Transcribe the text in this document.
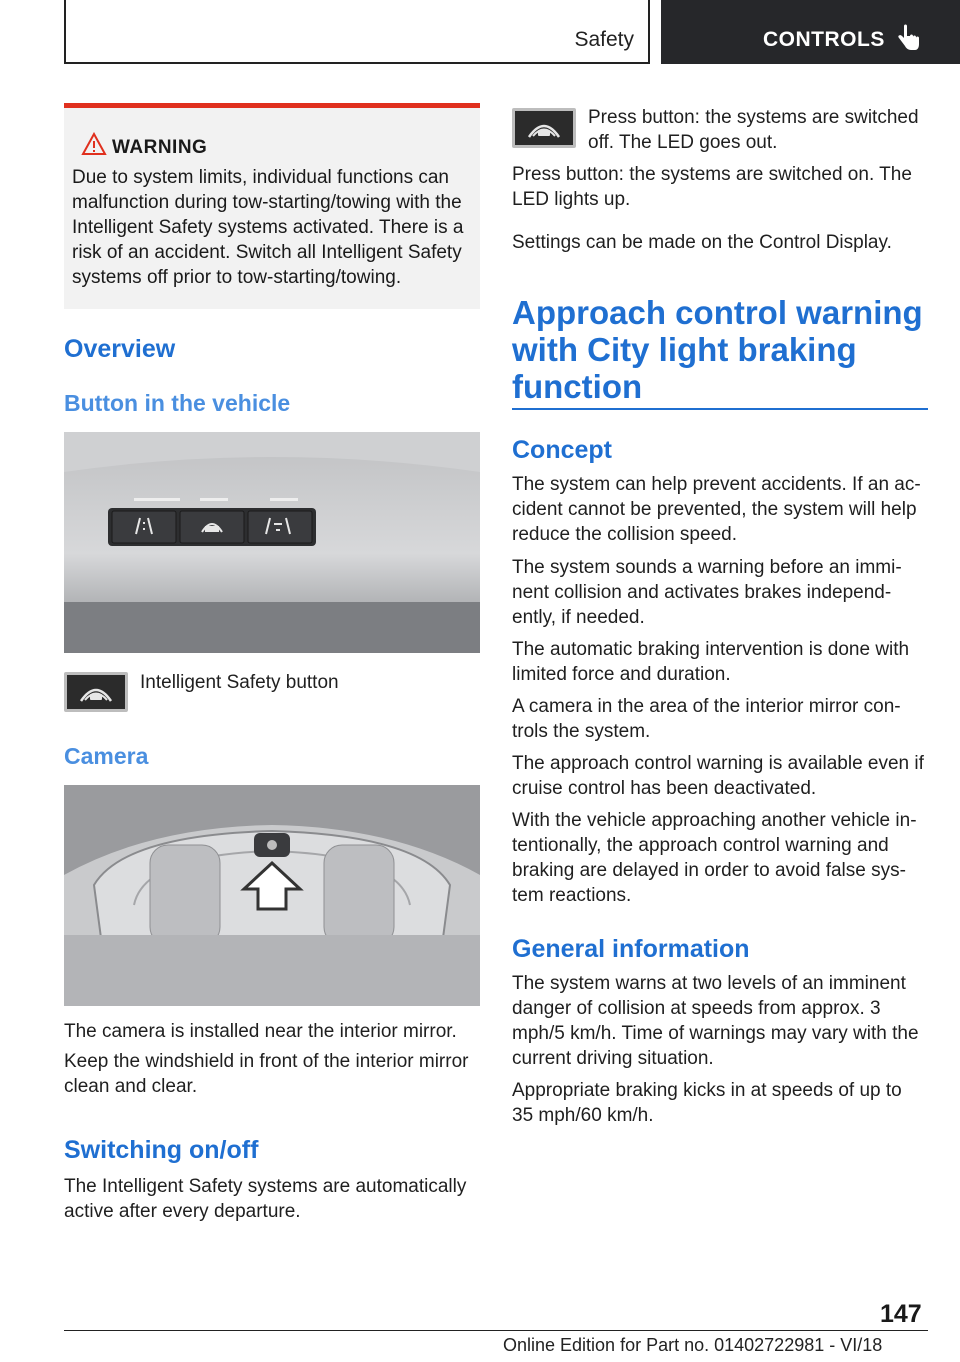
Safety	CONTROLS
WARNING

Due to system limits, individual functions can malfunction during tow-starting/towing with the Intelligent Safety systems activated. There is a risk of an accident. Switch all Intelligent Safety systems off prior to tow-starting/towing.

Overview
Button in the vehicle

Intelligent Safety button

Camera

The camera is installed near the interior mirror.

Keep the windshield in front of the interior mirror clean and clear.

Switching on/off

The Intelligent Safety systems are automatically active after every departure.

Press button: the systems are switched off. The LED goes out.

Press button: the systems are switched on. The LED lights up.

Settings can be made on the Control Display.

Approach control warning
with City light braking
function
Concept

The system can help prevent accidents. If an accident cannot be prevented, the system will help reduce the collision speed.

The system sounds a warning before an imminent collision and activates brakes independently, if needed.

The automatic braking intervention is done with limited force and duration.

A camera in the area of the interior mirror controls the system.

The approach control warning is available even if cruise control has been deactivated.

With the vehicle approaching another vehicle intentionally, the approach control warning and braking are delayed in order to avoid false system reactions.

General information

The system warns at two levels of an imminent danger of collision at speeds from approx. 3 mph/5 km/h. Time of warnings may vary with the current driving situation.

Appropriate braking kicks in at speeds of up to 35 mph/60 km/h.

147
Online Edition for Part no. 01402722981 - VI/18
